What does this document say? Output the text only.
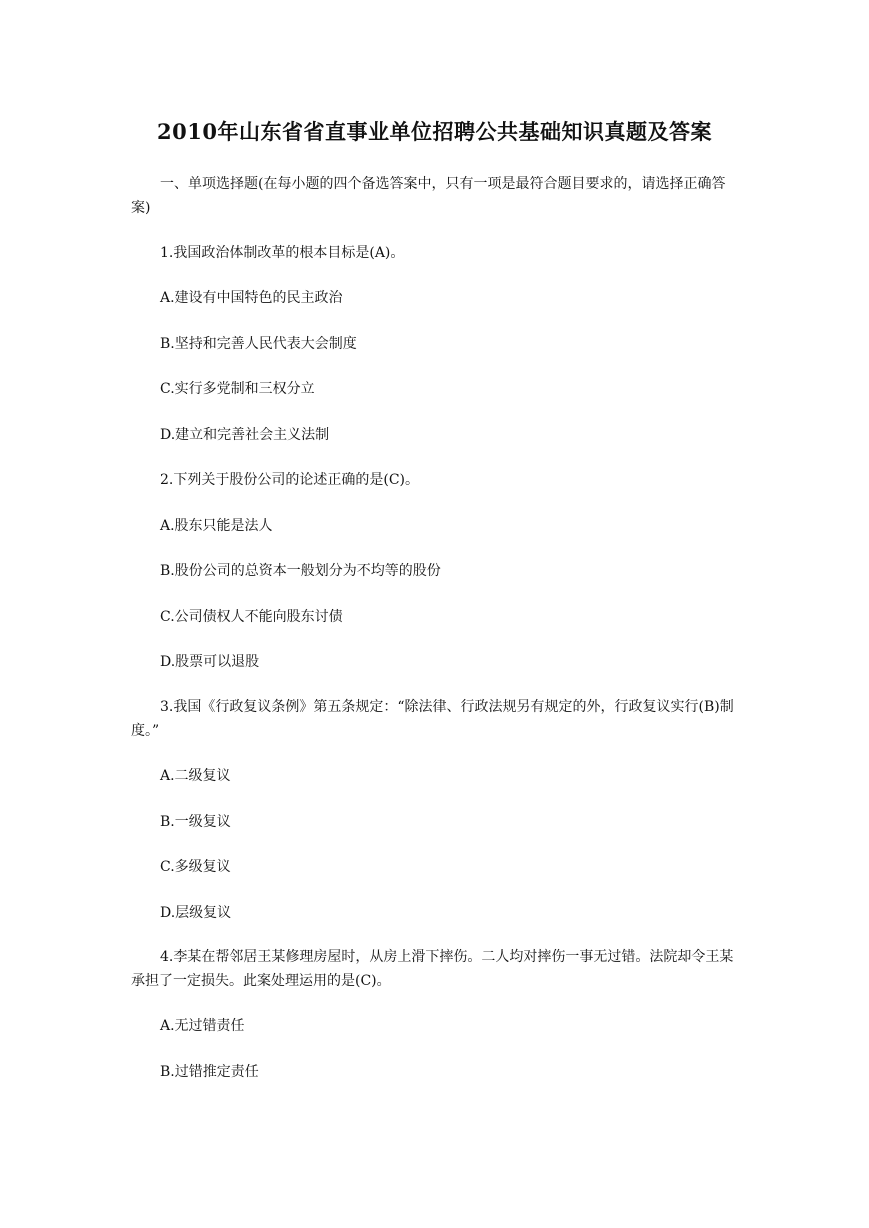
2010年山东省省直事业单位招聘公共基础知识真题及答案

一、单项选择题(在每小题的四个备选答案中，只有一项是最符合题目要求的，请选择正确答案)

1.我国政治体制改革的根本目标是(A)。

A.建设有中国特色的民主政治

B.坚持和完善人民代表大会制度

C.实行多党制和三权分立

D.建立和完善社会主义法制

2.下列关于股份公司的论述正确的是(C)。

A.股东只能是法人

B.股份公司的总资本一般划分为不均等的股份

C.公司债权人不能向股东讨债

D.股票可以退股

3.我国《行政复议条例》第五条规定：“除法律、行政法规另有规定的外，行政复议实行(B)制度。”

A.二级复议

B.一级复议

C.多级复议

D.层级复议

4.李某在帮邻居王某修理房屋时，从房上滑下摔伤。二人均对摔伤一事无过错。法院却令王某承担了一定损失。此案处理运用的是(C)。

A.无过错责任

B.过错推定责任
